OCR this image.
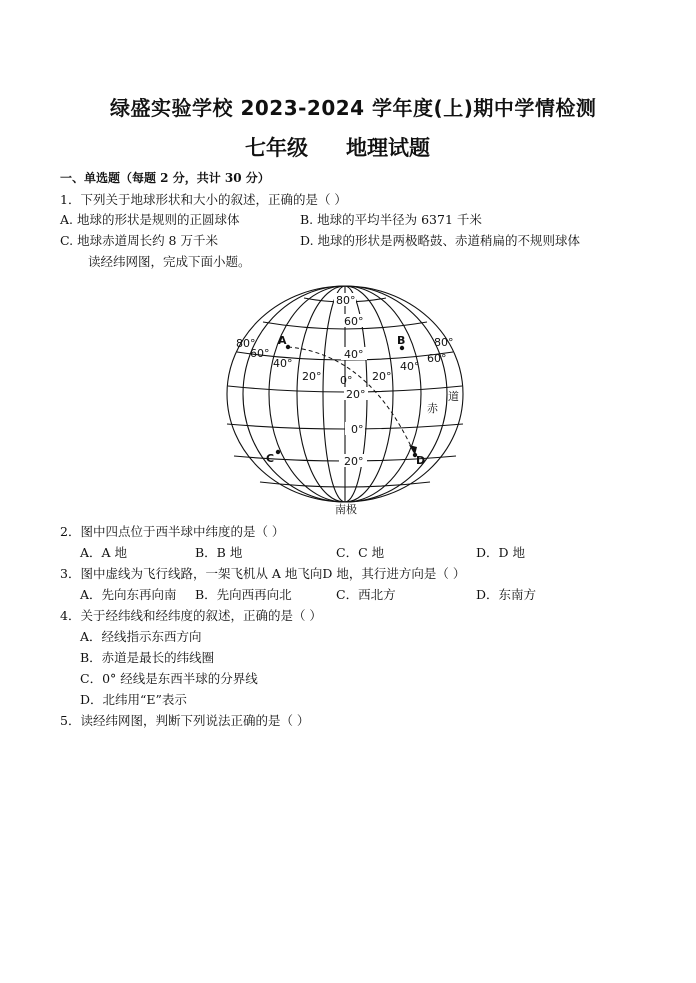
绿盛实验学校 2023-2024 学年度(上)期中学情检测
七年级 地理试题
一、单选题（每题 2 分，共计 30 分）
1．下列关于地球形状和大小的叙述，正确的是（ ）
A. 地球的形状是规则的正圆球体	B. 地球的平均半径为 6371 千米
C. 地球赤道周长约 8 万千米	D. 地球的形状是两极略鼓、赤道稍扁的不规则球体
读经纬网图，完成下面小题。
A	B
C	D
80°
60°
40°
20°
0°
20°
80°
60°
40°
20° 0° 20°
40°
60°
80°
赤
道
南极
2．图中四点位于西半球中纬度的是（ ）
A．A 地	B．B 地	C．C 地	D．D 地
3．图中虚线为飞行线路，一架飞机从 A 地飞向D 地，其行进方向是（ ）
A．先向东再向南 B．先向西再向北	C．西北方	D．东南方
4．关于经纬线和经纬度的叙述，正确的是（ ）
A．经线指示东西方向
B．赤道是最长的纬线圈
C．0° 经线是东西半球的分界线
D．北纬用“E”表示
5．读经纬网图，判断下列说法正确的是（ ）
